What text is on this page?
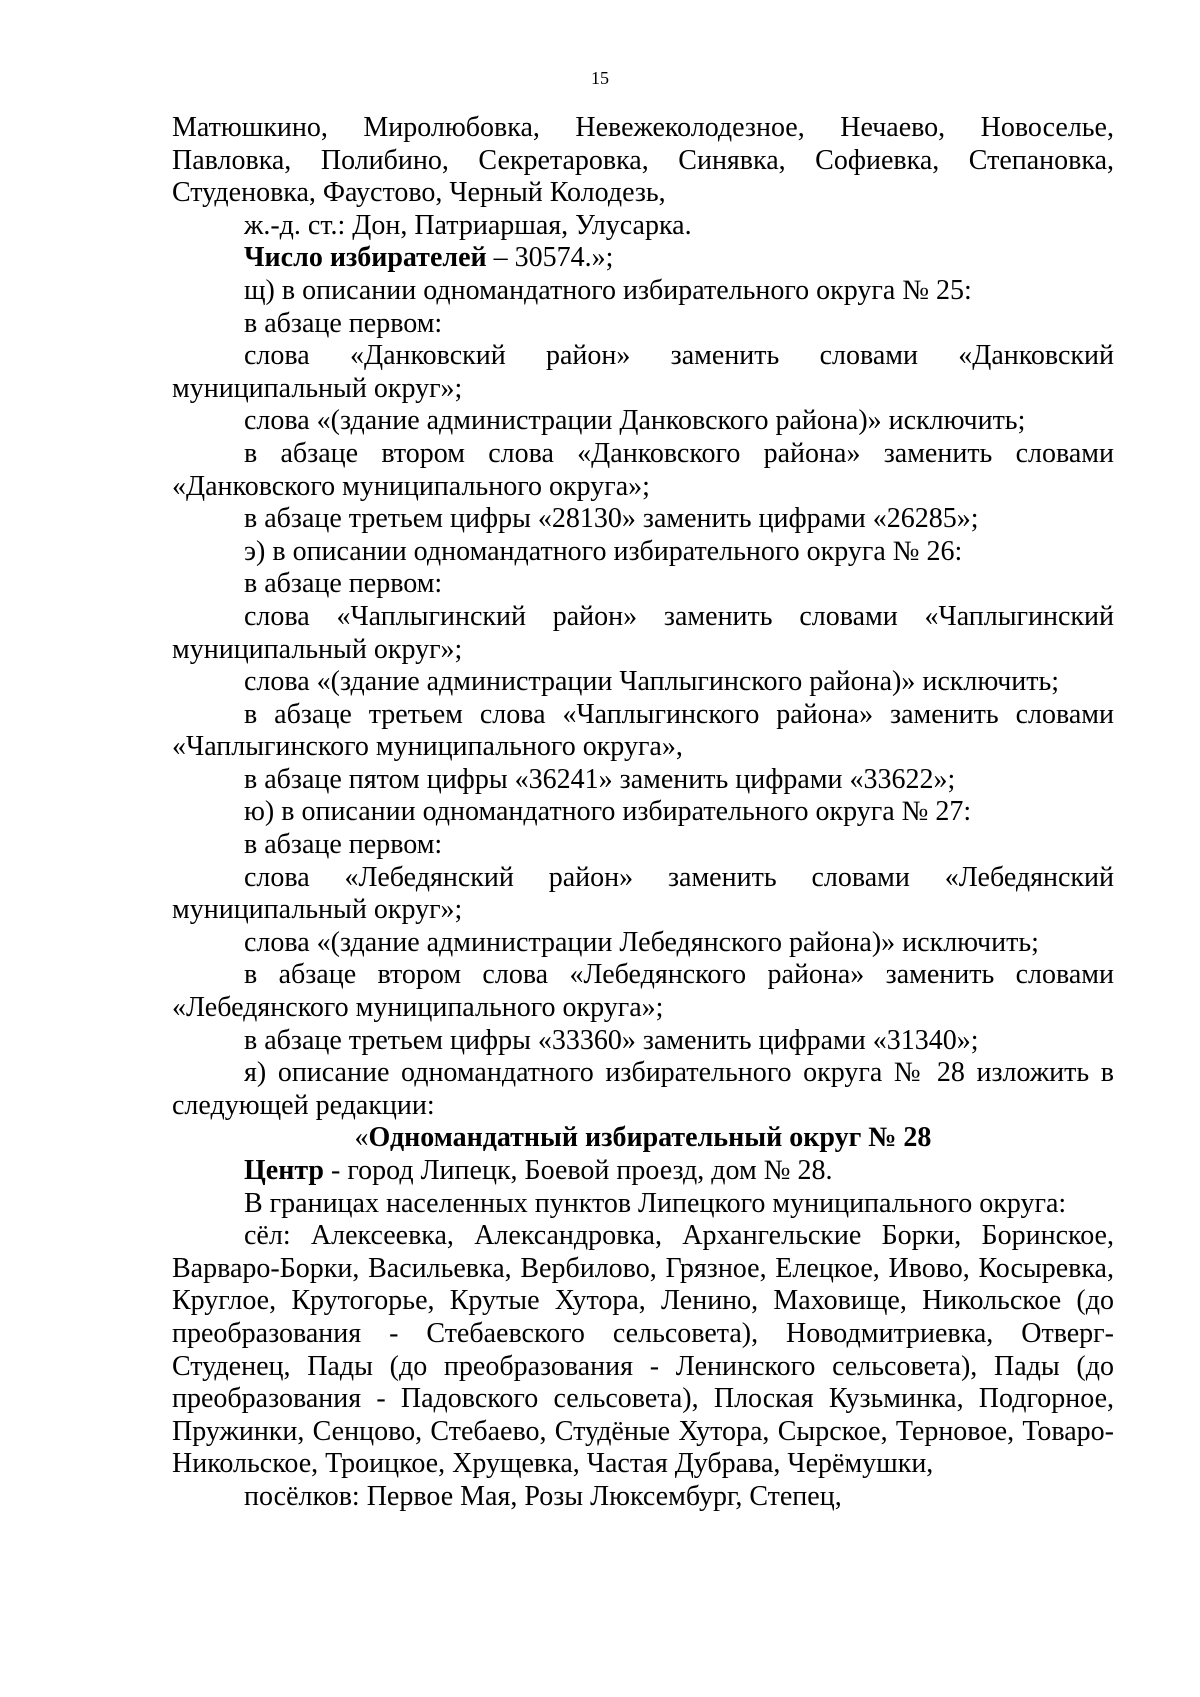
15

Матюшкино, Миролюбовка, Невежеколодезное, Нечаево, Новоселье, Павловка, Полибино, Секретаровка, Синявка, Софиевка, Степановка, Студеновка, Фаустово, Черный Колодезь,

ж.-д. ст.: Дон, Патриаршая, Улусарка.

Число избирателей – 30574.»;

щ) в описании одномандатного избирательного округа № 25:

в абзаце первом:

слова «Данковский район» заменить словами «Данковский муниципальный округ»;

слова «(здание администрации Данковского района)» исключить;

в абзаце втором слова «Данковского района» заменить словами «Данковского муниципального округа»;

в абзаце третьем цифры «28130» заменить цифрами «26285»;

э) в описании одномандатного избирательного округа № 26:

в абзаце первом:

слова «Чаплыгинский район» заменить словами «Чаплыгинский муниципальный округ»;

слова «(здание администрации Чаплыгинского района)» исключить;

в абзаце третьем слова «Чаплыгинского района» заменить словами «Чаплыгинского муниципального округа»,

в абзаце пятом цифры «36241» заменить цифрами «33622»;

ю) в описании одномандатного избирательного округа № 27:

в абзаце первом:

слова «Лебедянский район» заменить словами «Лебедянский муниципальный округ»;

слова «(здание администрации Лебедянского района)» исключить;

в абзаце втором слова «Лебедянского района» заменить словами «Лебедянского муниципального округа»;

в абзаце третьем цифры «33360» заменить цифрами «31340»;

я) описание одномандатного избирательного округа № 28 изложить в следующей редакции:

«Одномандатный избирательный округ № 28

Центр - город Липецк, Боевой проезд, дом № 28.

В границах населенных пунктов Липецкого муниципального округа:

сёл: Алексеевка, Александровка, Архангельские Борки, Боринское, Варваро-Борки, Васильевка, Вербилово, Грязное, Елецкое, Ивово, Косыревка, Круглое, Крутогорье, Крутые Хутора, Ленино, Маховище, Никольское (до преобразования - Стебаевского сельсовета), Новодмитриевка, Отверг-Студенец, Пады (до преобразования - Ленинского сельсовета), Пады (до преобразования - Падовского сельсовета), Плоская Кузьминка, Подгорное, Пружинки, Сенцово, Стебаево, Студёные Хутора, Сырское, Терновое, Товаро-Никольское, Троицкое, Хрущевка, Частая Дубрава, Черёмушки,

посёлков: Первое Мая, Розы Люксембург, Степец,
